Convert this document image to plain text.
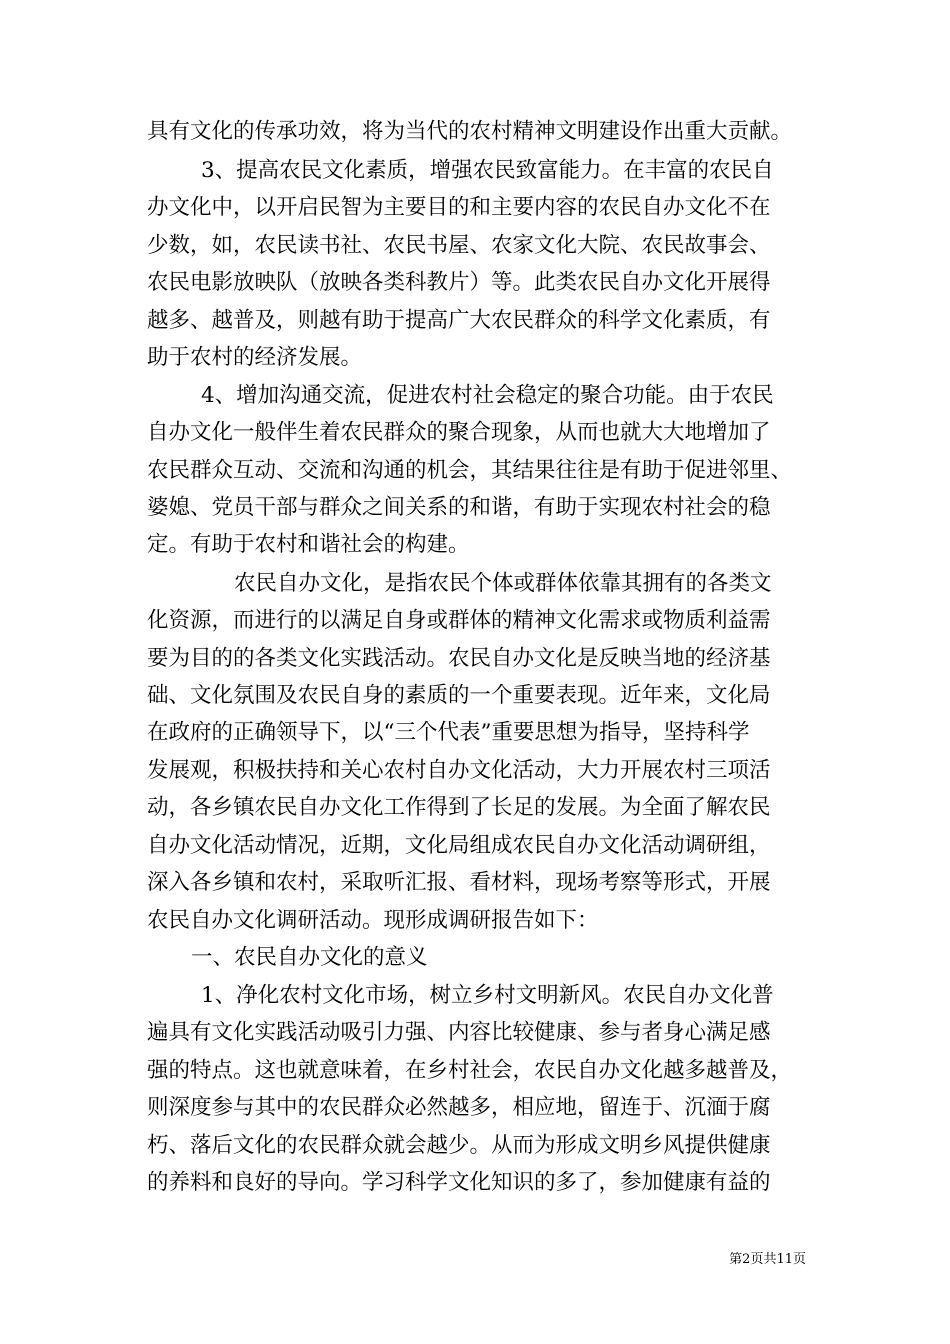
具有文化的传承功效，将为当代的农村精神文明建设作出重大贡献。
3、提高农民文化素质，增强农民致富能力。在丰富的农民自
办文化中，以开启民智为主要目的和主要内容的农民自办文化不在
少数，如，农民读书社、农民书屋、农家文化大院、农民故事会、
农民电影放映队（放映各类科教片）等。此类农民自办文化开展得
越多、越普及，则越有助于提高广大农民群众的科学文化素质，有
助于农村的经济发展。
4、增加沟通交流，促进农村社会稳定的聚合功能。由于农民
自办文化一般伴生着农民群众的聚合现象，从而也就大大地增加了
农民群众互动、交流和沟通的机会，其结果往往是有助于促进邻里、
婆媳、党员干部与群众之间关系的和谐，有助于实现农村社会的稳
定。有助于农村和谐社会的构建。
农民自办文化，是指农民个体或群体依靠其拥有的各类文
化资源，而进行的以满足自身或群体的精神文化需求或物质利益需
要为目的的各类文化实践活动。农民自办文化是反映当地的经济基
础、文化氛围及农民自身的素质的一个重要表现。近年来，文化局
在政府的正确领导下，以“三个代表”重要思想为指导，坚持科学
发展观，积极扶持和关心农村自办文化活动，大力开展农村三项活
动，各乡镇农民自办文化工作得到了长足的发展。为全面了解农民
自办文化活动情况，近期，文化局组成农民自办文化活动调研组，
深入各乡镇和农村，采取听汇报、看材料，现场考察等形式，开展
农民自办文化调研活动。现形成调研报告如下：
一、农民自办文化的意义
1、净化农村文化市场，树立乡村文明新风。农民自办文化普
遍具有文化实践活动吸引力强、内容比较健康、参与者身心满足感
强的特点。这也就意味着，在乡村社会，农民自办文化越多越普及，
则深度参与其中的农民群众必然越多，相应地，留连于、沉湎于腐
朽、落后文化的农民群众就会越少。从而为形成文明乡风提供健康
的养料和良好的导向。学习科学文化知识的多了，参加健康有益的
第2页共11页
